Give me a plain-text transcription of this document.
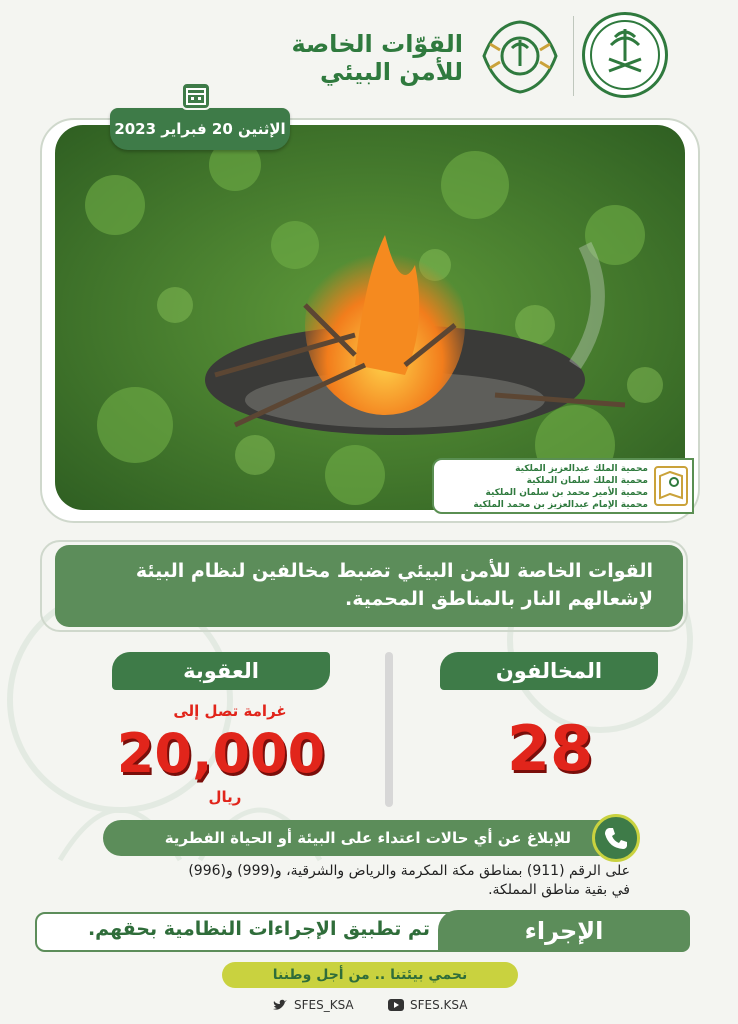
القوّات الخاصة
للأمن البيئي
الإثنين 20 فبراير 2023
محمية الملك عبدالعزيز الملكية
محمية الملك سلمان الملكية
محمية الأمير محمد بن سلمان الملكية
محمية الإمام عبدالعزيز بن محمد الملكية
القوات الخاصة للأمن البيئي تضبط مخالفين لنظام البيئة لإشعالهم النار بالمناطق المحمية.
المخالفون
العقوبة
28
غرامة تصل إلى
20,000
ريال
للإبلاغ عن أي حالات اعتداء على البيئة أو الحياة الفطرية
على الرقم (911) بمناطق مكة المكرمة والرياض والشرقية، و(999) و(996)
في بقية مناطق المملكة.
الإجراء
تم تطبيق الإجراءات النظامية بحقهم.
نحمي بيئتنا .. من أجل وطننا
SFES_KSA	SFES.KSA
